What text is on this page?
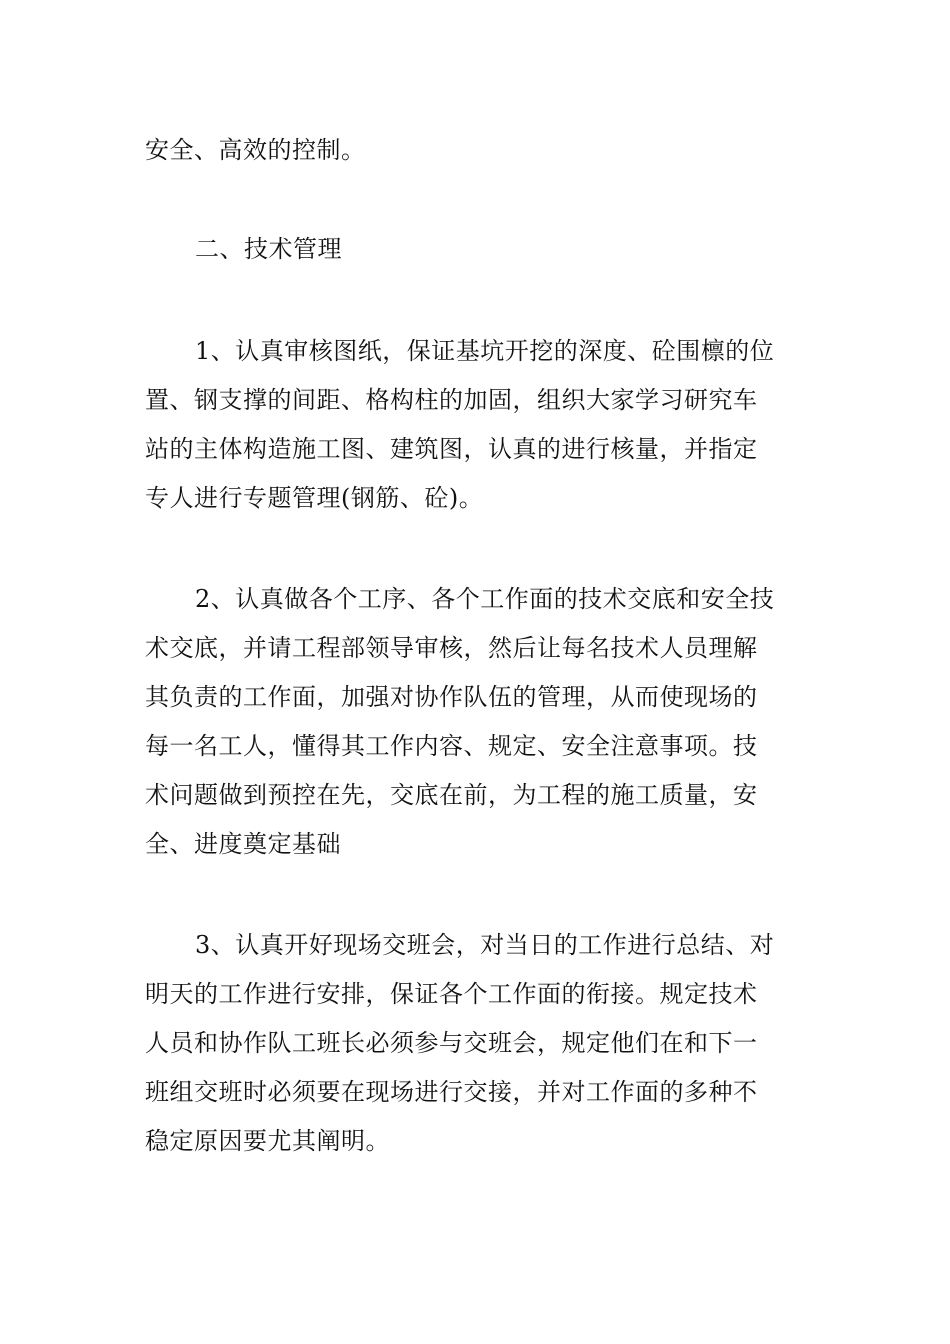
安全、高效的控制。
二、技术管理
1、认真审核图纸，保证基坑开挖的深度、砼围檩的位
置、钢支撑的间距、格构柱的加固，组织大家学习研究车
站的主体构造施工图、建筑图，认真的进行核量，并指定
专人进行专题管理(钢筋、砼)。
2、认真做各个工序、各个工作面的技术交底和安全技
术交底，并请工程部领导审核，然后让每名技术人员理解
其负责的工作面，加强对协作队伍的管理，从而使现场的
每一名工人，懂得其工作内容、规定、安全注意事项。技
术问题做到预控在先，交底在前，为工程的施工质量，安
全、进度奠定基础
3、认真开好现场交班会，对当日的工作进行总结、对
明天的工作进行安排，保证各个工作面的衔接。规定技术
人员和协作队工班长必须参与交班会，规定他们在和下一
班组交班时必须要在现场进行交接，并对工作面的多种不
稳定原因要尤其阐明。
